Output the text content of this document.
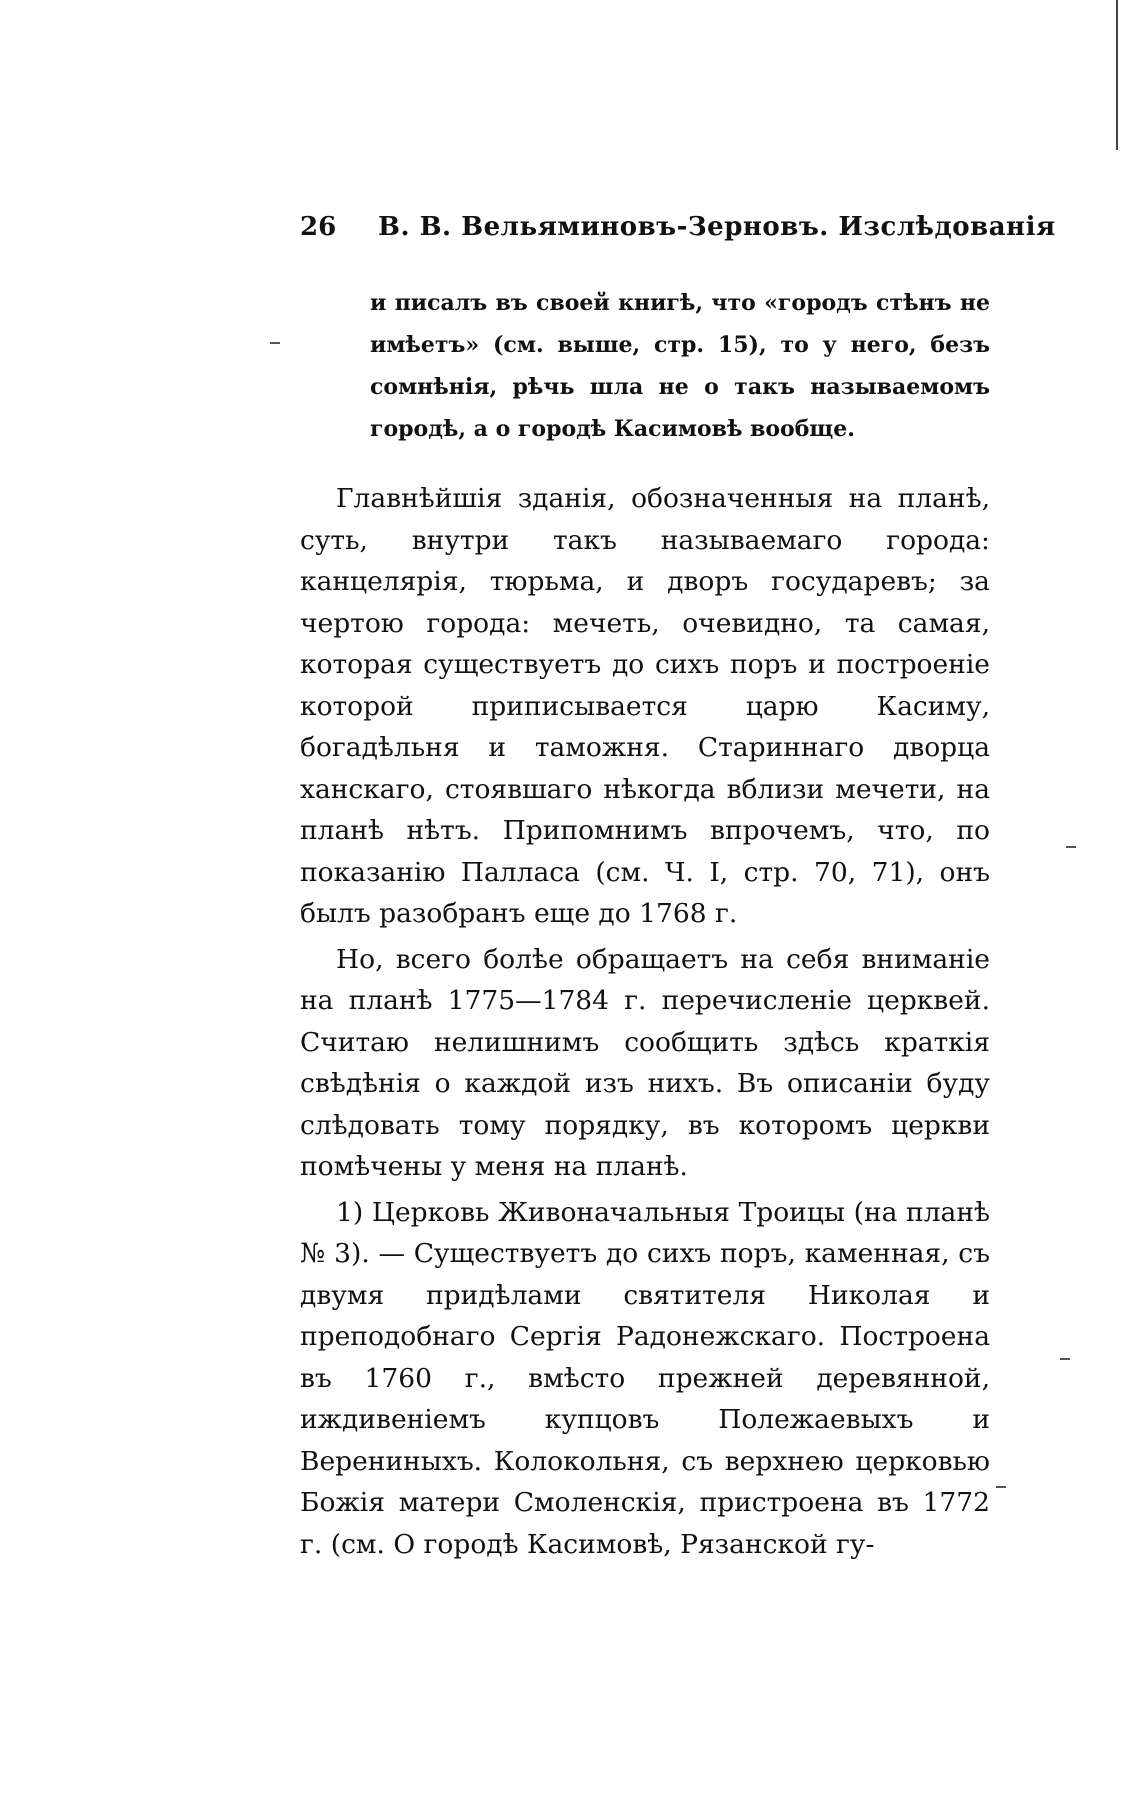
26 В. В. Вельяминовъ-Зерновъ. Изслѣдованія
и писалъ въ своей книгѣ, что «городъ стѣнъ не имѣетъ» (см. выше, стр. 15), то у него, безъ сомнѣнія, рѣчь шла не о такъ называемомъ городѣ, а о городѣ Касимовѣ вообще.

Главнѣйшія зданія, обозначенныя на планѣ, суть, внутри такъ называемаго города: канцелярія, тюрьма, и дворъ государевъ; за чертою города: мечеть, очевидно, та самая, которая существуетъ до сихъ поръ и построеніе которой приписывается царю Касиму, богадѣльня и таможня. Стариннаго дворца ханскаго, стоявшаго нѣкогда вблизи мечети, на планѣ нѣтъ. Припомнимъ впрочемъ, что, по показанію Палласа (см. Ч. I, стр. 70, 71), онъ былъ разобранъ еще до 1768 г.

Но, всего болѣе обращаетъ на себя вниманіе на планѣ 1775—1784 г. перечисленіе церквей. Считаю нелишнимъ сообщить здѣсь краткія свѣдѣнія о каждой изъ нихъ. Въ описаніи буду слѣдовать тому порядку, въ которомъ церкви помѣчены у меня на планѣ.

1) Церковь Живоначальныя Троицы (на планѣ № 3). — Существуетъ до сихъ поръ, каменная, съ двумя придѣлами святителя Николая и преподобнаго Сергія Радонежскаго. Построена въ 1760 г., вмѣсто прежней деревянной, иждивеніемъ купцовъ Полежаевыхъ и Верениныхъ. Колокольня, съ верхнею церковью Божія матери Смоленскія, пристроена въ 1772 г. (см. О городѣ Касимовѣ, Рязанской гу-
